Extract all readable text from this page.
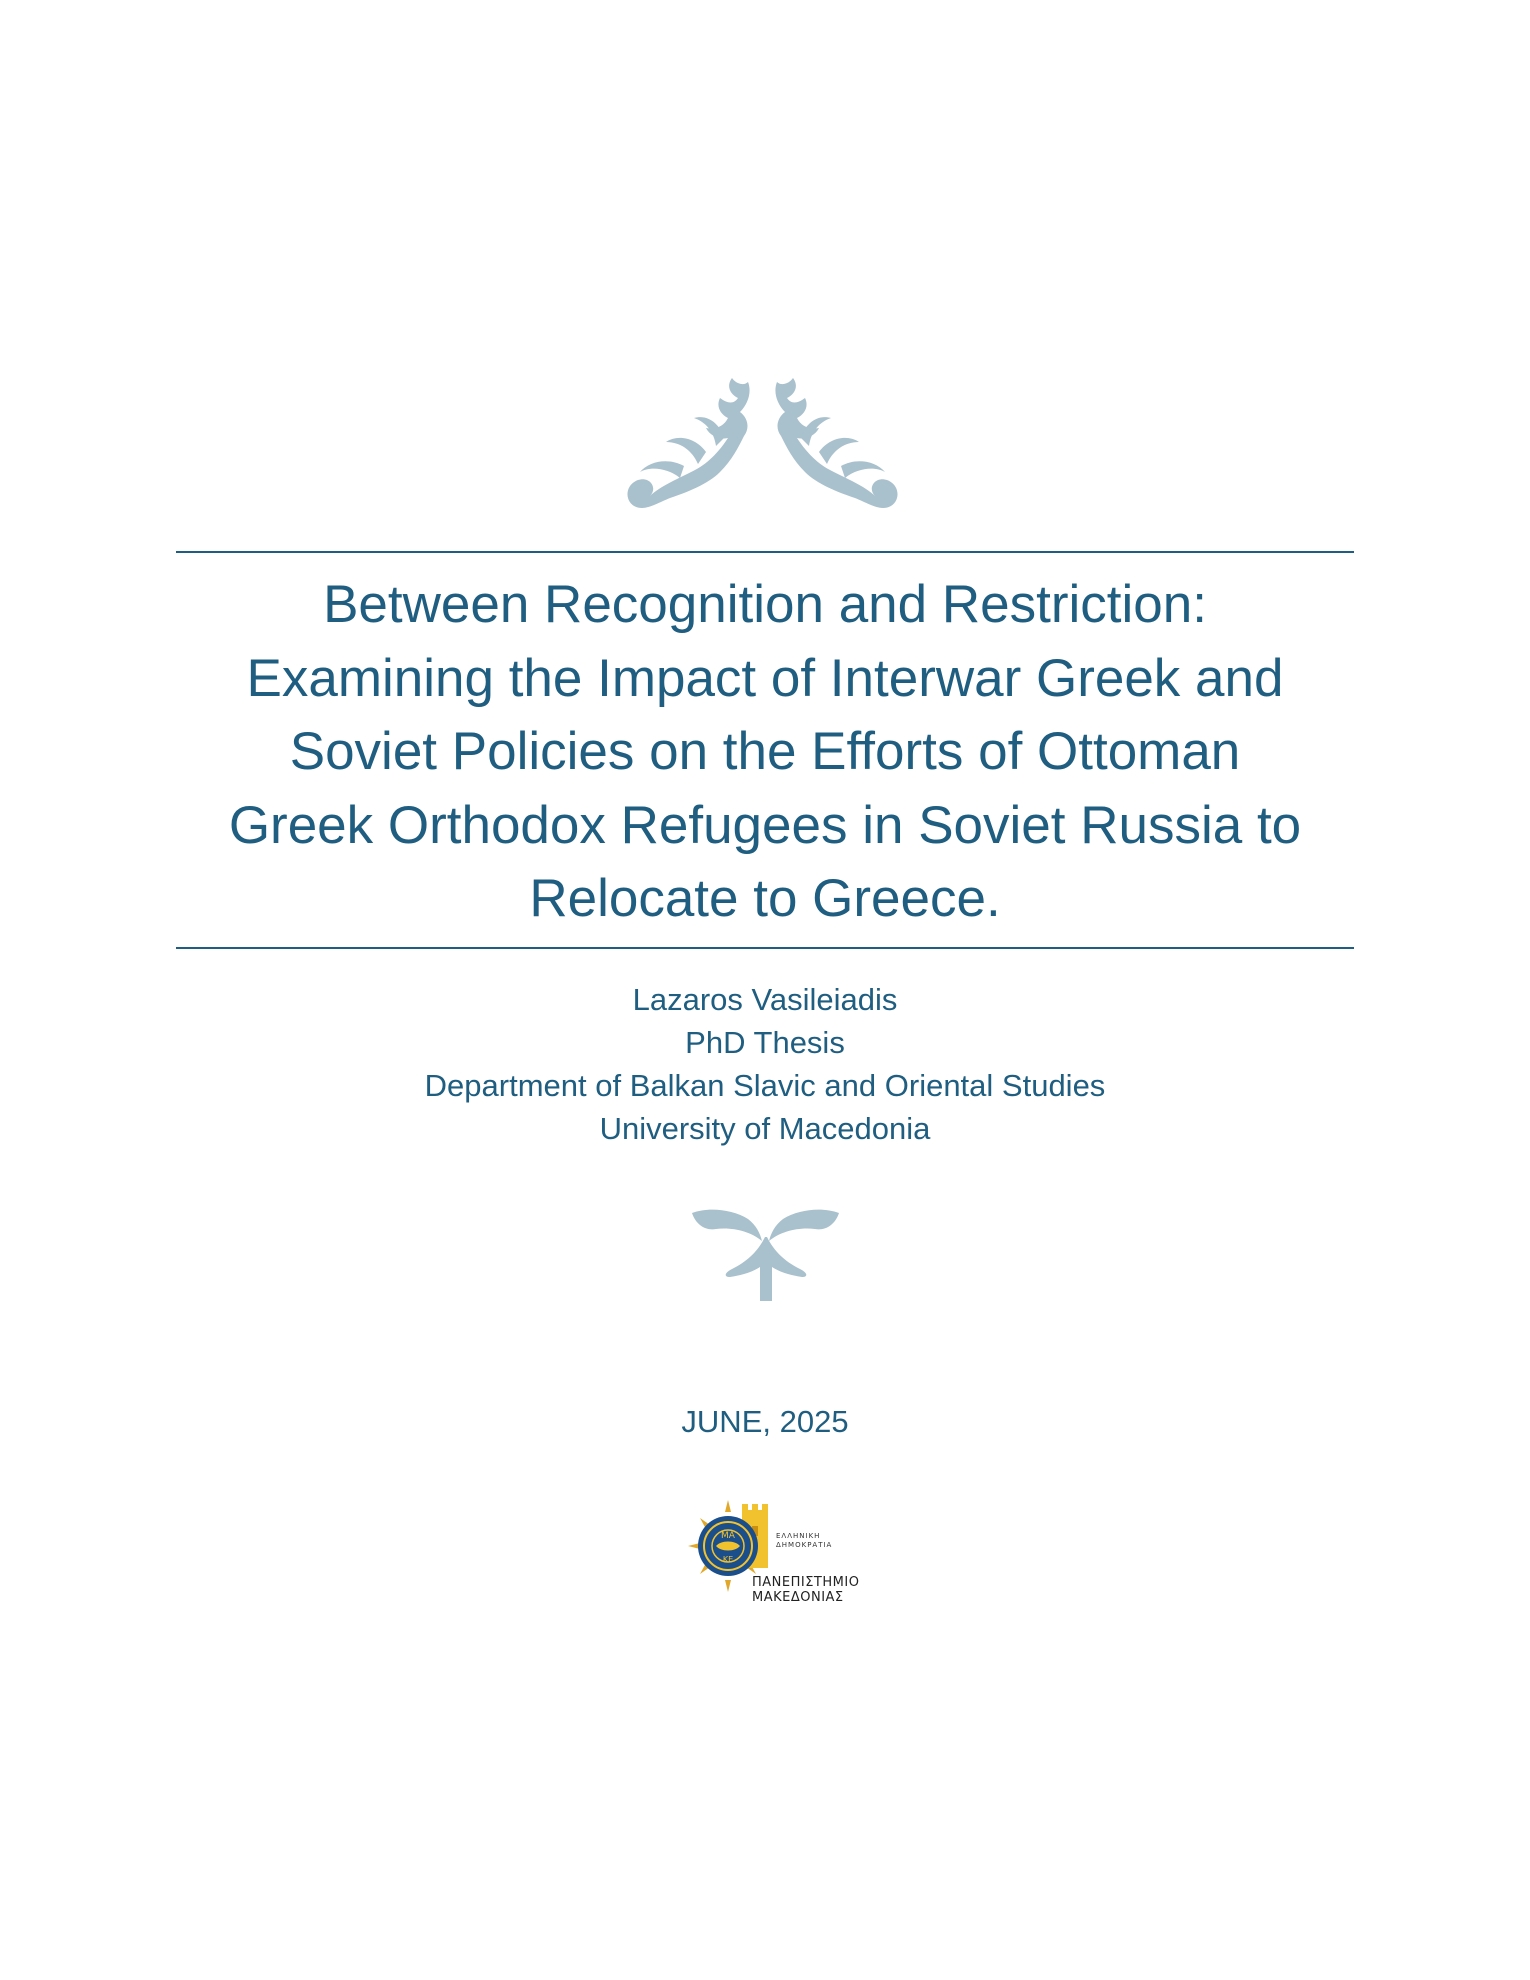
Between Recognition and Restriction:
Examining the Impact of Interwar Greek and
Soviet Policies on the Efforts of Ottoman
Greek Orthodox Refugees in Soviet Russia to
Relocate to Greece.
Lazaros Vasileiadis
PhD Thesis
Department of Balkan Slavic and Oriental Studies
University of Macedonia
JUNE, 2025
ΜΑ
ΚΕ
ΕΛΛΗΝΙΚΗ
ΔΗΜΟΚΡΑΤΙΑ
ΠΑΝΕΠΙΣΤΗΜΙΟ
ΜΑΚΕΔΟΝΙΑΣ
